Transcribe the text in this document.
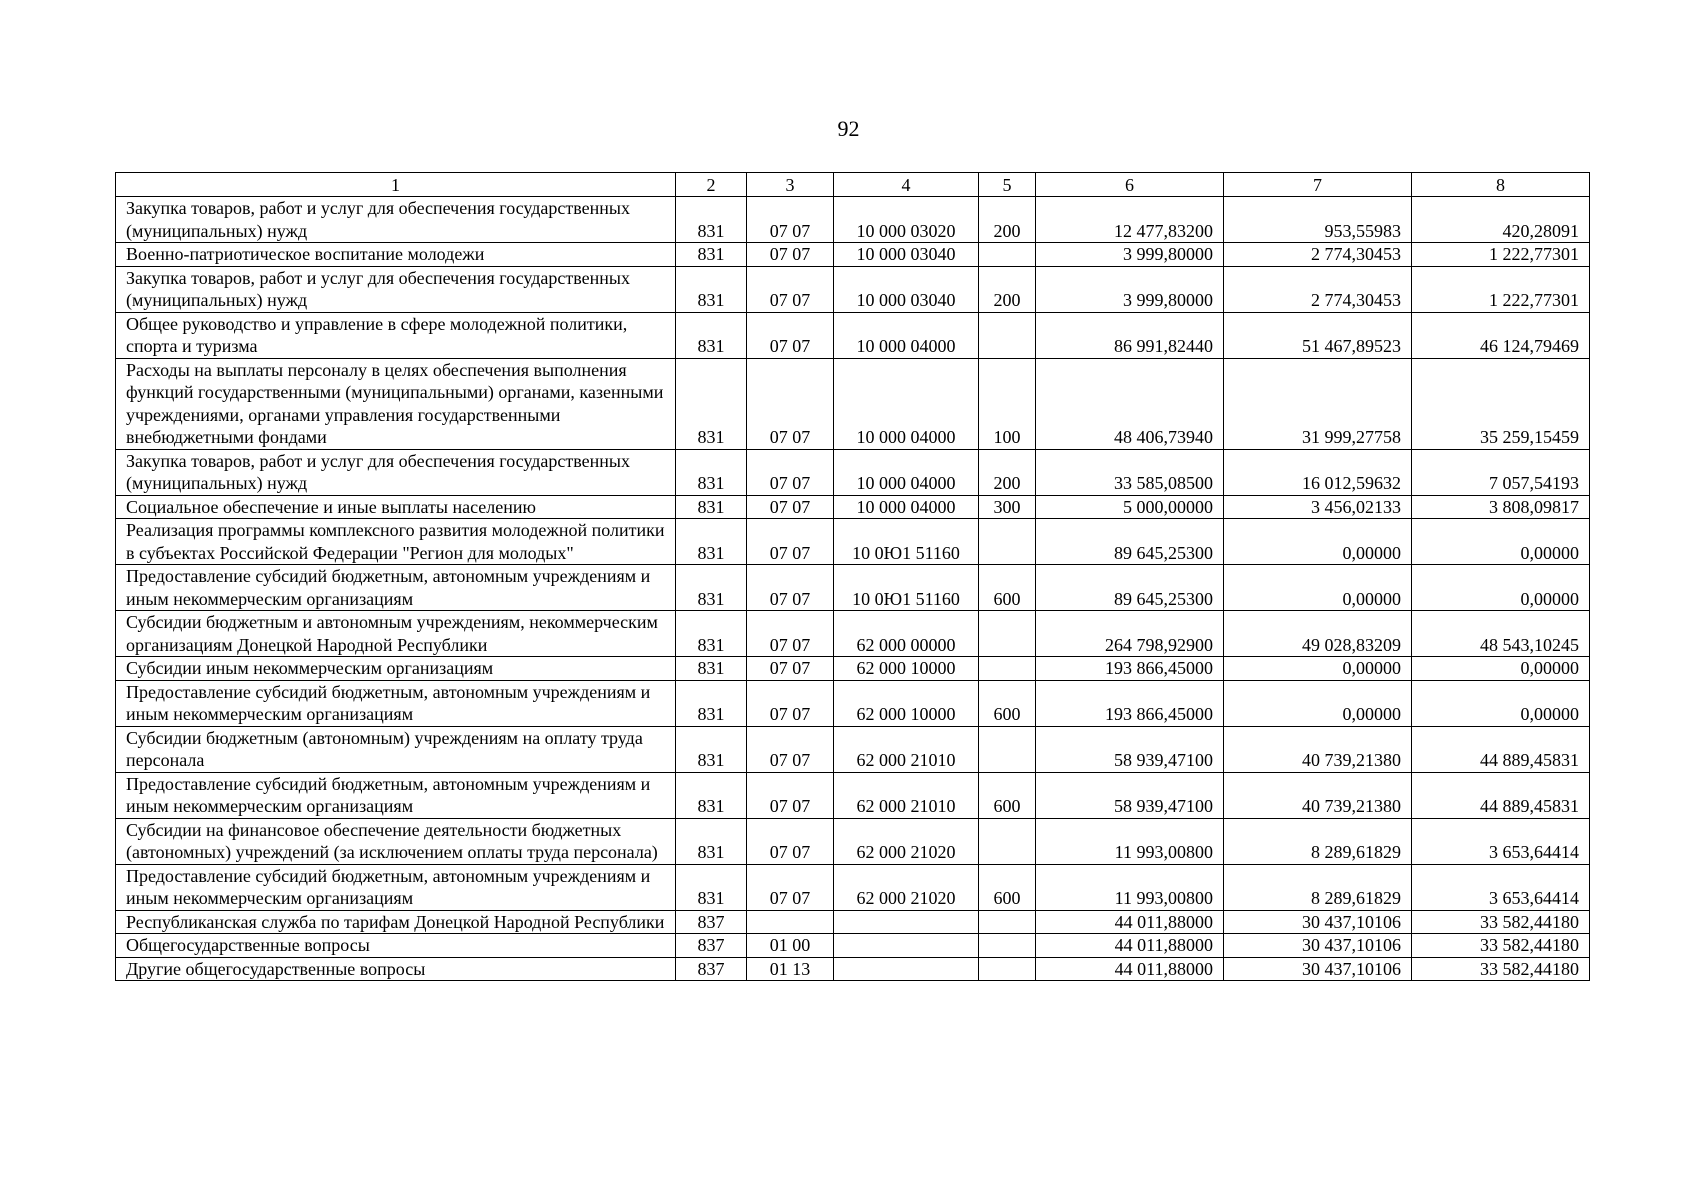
92
1	2	3	4	5	6	7	8
Закупка товаров, работ и услуг для обеспечения государственных (муниципальных) нужд	831	07 07	10 000 03020	200	12 477,83200	953,55983	420,28091
Военно-патриотическое воспитание молодежи	831	07 07	10 000 03040		3 999,80000	2 774,30453	1 222,77301
Закупка товаров, работ и услуг для обеспечения государственных (муниципальных) нужд	831	07 07	10 000 03040	200	3 999,80000	2 774,30453	1 222,77301
Общее руководство и управление в сфере молодежной политики, спорта и туризма	831	07 07	10 000 04000		86 991,82440	51 467,89523	46 124,79469
Расходы на выплаты персоналу в целях обеспечения выполнения функций государственными (муниципальными) органами, казенными учреждениями, органами управления государственными внебюджетными фондами	831	07 07	10 000 04000	100	48 406,73940	31 999,27758	35 259,15459
Закупка товаров, работ и услуг для обеспечения государственных (муниципальных) нужд	831	07 07	10 000 04000	200	33 585,08500	16 012,59632	7 057,54193
Социальное обеспечение и иные выплаты населению	831	07 07	10 000 04000	300	5 000,00000	3 456,02133	3 808,09817
Реализация программы комплексного развития молодежной политики в субъектах Российской Федерации "Регион для молодых"	831	07 07	10 0Ю1 51160		89 645,25300	0,00000	0,00000
Предоставление субсидий бюджетным, автономным учреждениям и иным некоммерческим организациям	831	07 07	10 0Ю1 51160	600	89 645,25300	0,00000	0,00000
Субсидии бюджетным и автономным учреждениям, некоммерческим организациям Донецкой Народной Республики	831	07 07	62 000 00000		264 798,92900	49 028,83209	48 543,10245
Субсидии иным некоммерческим организациям	831	07 07	62 000 10000		193 866,45000	0,00000	0,00000
Предоставление субсидий бюджетным, автономным учреждениям и иным некоммерческим организациям	831	07 07	62 000 10000	600	193 866,45000	0,00000	0,00000
Субсидии бюджетным (автономным) учреждениям на оплату труда персонала	831	07 07	62 000 21010		58 939,47100	40 739,21380	44 889,45831
Предоставление субсидий бюджетным, автономным учреждениям и иным некоммерческим организациям	831	07 07	62 000 21010	600	58 939,47100	40 739,21380	44 889,45831
Субсидии на финансовое обеспечение деятельности бюджетных (автономных) учреждений (за исключением оплаты труда персонала)	831	07 07	62 000 21020		11 993,00800	8 289,61829	3 653,64414
Предоставление субсидий бюджетным, автономным учреждениям и иным некоммерческим организациям	831	07 07	62 000 21020	600	11 993,00800	8 289,61829	3 653,64414
Республиканская служба по тарифам Донецкой Народной Республики	837				44 011,88000	30 437,10106	33 582,44180
Общегосударственные вопросы	837	01 00			44 011,88000	30 437,10106	33 582,44180
Другие общегосударственные вопросы	837	01 13			44 011,88000	30 437,10106	33 582,44180
